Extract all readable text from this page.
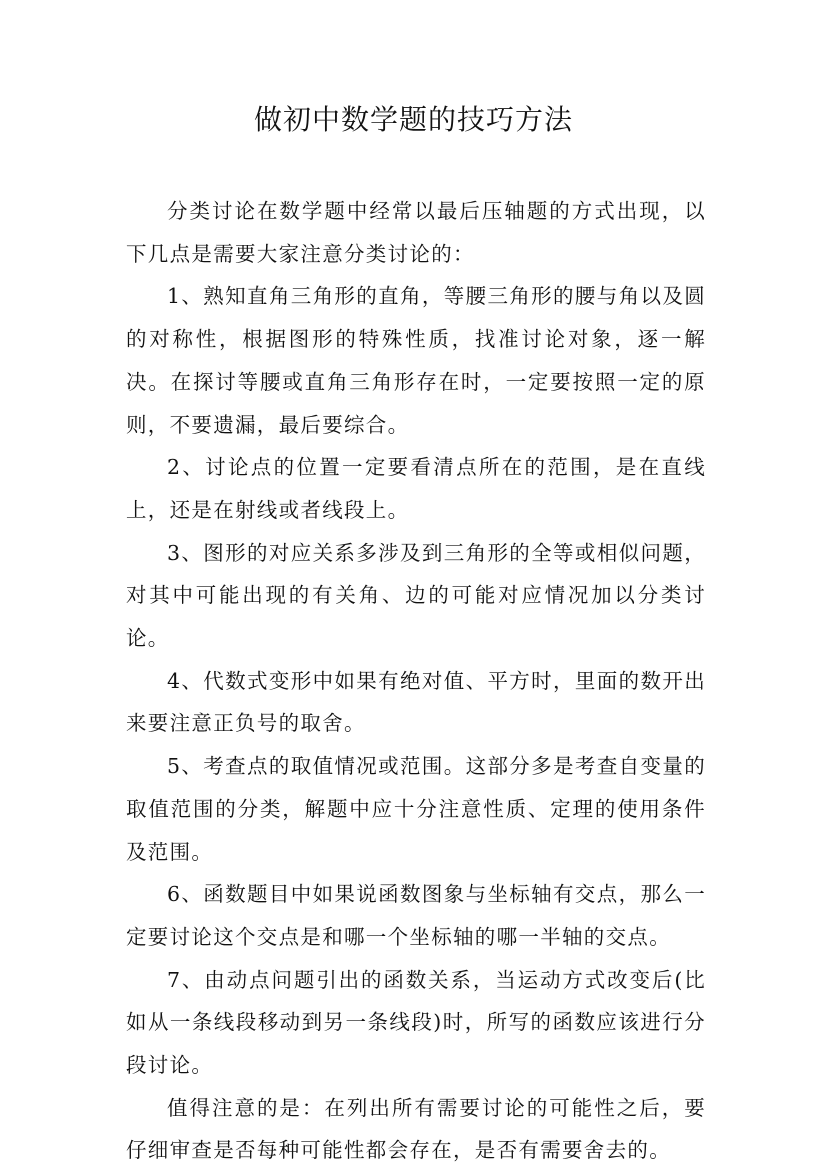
做初中数学题的技巧方法

分类讨论在数学题中经常以最后压轴题的方式出现，以下几点是需要大家注意分类讨论的：

1、熟知直角三角形的直角，等腰三角形的腰与角以及圆的对称性，根据图形的特殊性质，找准讨论对象，逐一解决。在探讨等腰或直角三角形存在时，一定要按照一定的原则，不要遗漏，最后要综合。

2、讨论点的位置一定要看清点所在的范围，是在直线上，还是在射线或者线段上。

3、图形的对应关系多涉及到三角形的全等或相似问题，对其中可能出现的有关角、边的可能对应情况加以分类讨论。

4、代数式变形中如果有绝对值、平方时，里面的数开出来要注意正负号的取舍。

5、考查点的取值情况或范围。这部分多是考查自变量的取值范围的分类，解题中应十分注意性质、定理的使用条件及范围。

6、函数题目中如果说函数图象与坐标轴有交点，那么一定要讨论这个交点是和哪一个坐标轴的哪一半轴的交点。

7、由动点问题引出的函数关系，当运动方式改变后(比如从一条线段移动到另一条线段)时，所写的函数应该进行分段讨论。

值得注意的是：在列出所有需要讨论的可能性之后，要仔细审查是否每种可能性都会存在，是否有需要舍去的。
